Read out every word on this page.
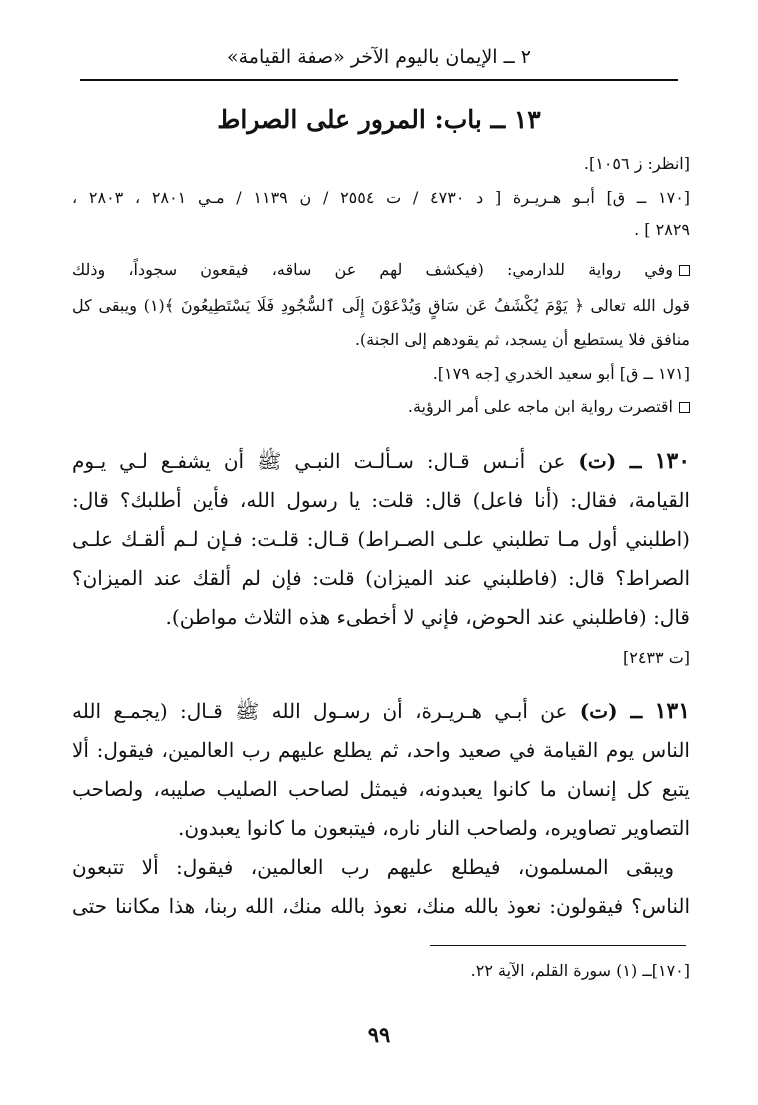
٢ ــ الإيمان باليوم الآخر «صفة القيامة»
١٣ ــ باب: المرور على الصراط
[انظر: ز ١٠٥٦].
[١٧٠ ــ ق] أبـو هـريـرة [ د ٤٧٣٠ / ت ٢٥٥٤ / ن ١١٣٩ / مـي ٢٨٠١ ، ٢٨٠٣ ،
٢٨٢٩ ] .
وفي رواية للدارمي: (فيكشف لهم عن ساقه، فيقعون سجوداً، وذلك
قول الله تعالى ﴿ يَوْمَ يُكْشَفُ عَن سَاقٍ وَيُدْعَوْنَ إِلَى ٱلسُّجُودِ فَلَا يَسْتَطِيعُونَ ﴾(١) ويبقى كل
منافق فلا يستطيع أن يسجد، ثم يقودهم إلى الجنة).
[١٧١ ــ ق] أبو سعيد الخدري [جه ١٧٩].
اقتصرت رواية ابن ماجه على أمر الرؤية.
١٣٠ ــ (ت) عن أنـس قـال: سـألـت النبـي ﷺ أن يشفـع لـي يـوم
القيامة، فقال: (أنا فاعل) قال: قلت: يا رسول الله، فأين أطلبك؟ قال:
(اطلبني أول مـا تطلبني علـى الصـراط) قـال: قلـت: فـإن لـم ألقـك علـى
الصراط؟ قال: (فاطلبني عند الميزان) قلت: فإن لم ألقك عند الميزان؟
قال: (فاطلبني عند الحوض، فإني لا أخطىء هذه الثلاث مواطن).
[ت ٢٤٣٣]
١٣١ ــ (ت) عن أبـي هـريـرة، أن رسـول الله ﷺ قـال: (يجمـع الله
الناس يوم القيامة في صعيد واحد، ثم يطلع عليهم رب العالمين، فيقول: ألا
يتبع كل إنسان ما كانوا يعبدونه، فيمثل لصاحب الصليب صليبه، ولصاحب
التصاوير تصاويره، ولصاحب النار ناره، فيتبعون ما كانوا يعبدون.
ويبقى المسلمون، فيطلع عليهم رب العالمين، فيقول: ألا تتبعون
الناس؟ فيقولون: نعوذ بالله منك، نعوذ بالله منك، الله ربنا، هذا مكاننا حتى
[١٧٠]ــ (١) سورة القلم، الآية ٢٢.
٩٩
